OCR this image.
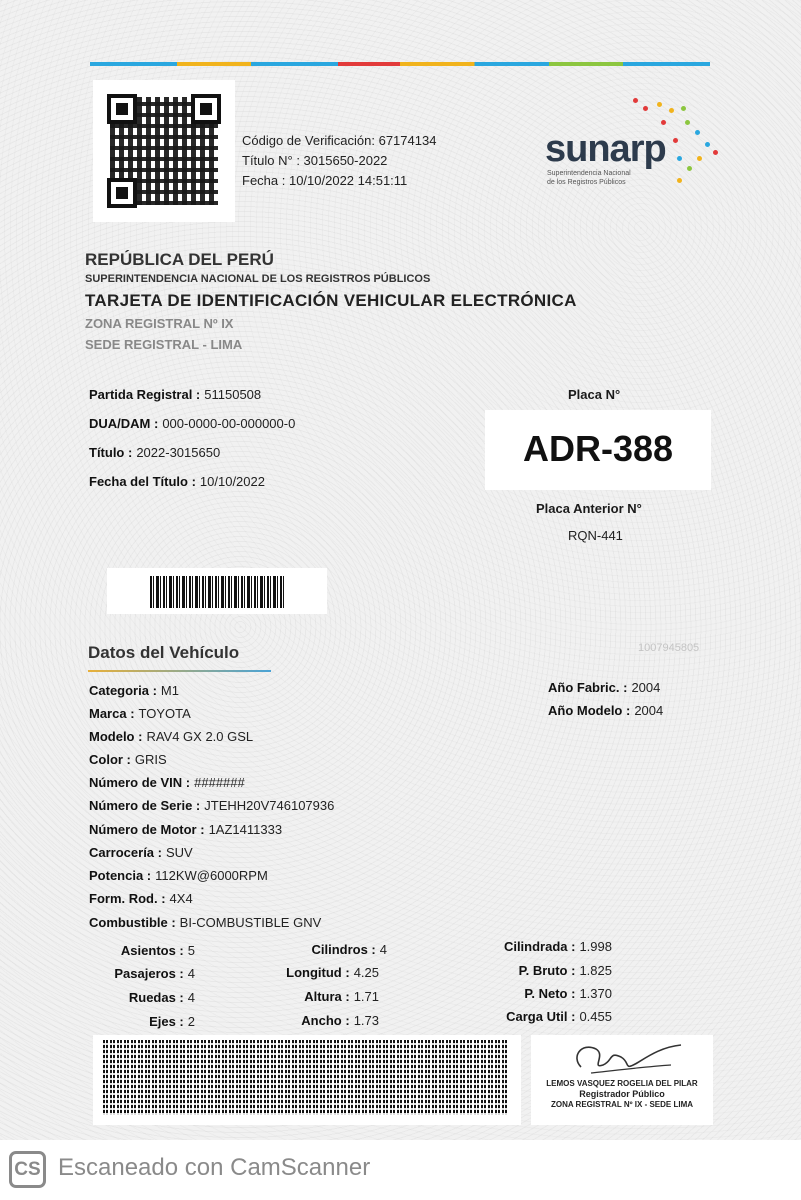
Código de Verificación: 67174134
Título N° : 3015650-2022
Fecha : 10/10/2022 14:51:11
sunarp
Superintendencia Nacional
de los Registros Públicos
REPÚBLICA DEL PERÚ
SUPERINTENDENCIA NACIONAL DE LOS REGISTROS PÚBLICOS
TARJETA DE IDENTIFICACIÓN VEHICULAR ELECTRÓNICA
ZONA REGISTRAL Nº IX
SEDE REGISTRAL - LIMA
Partida Registral : 51150508
DUA/DAM : 000-0000-00-000000-0
Título : 2022-3015650
Fecha del Título : 10/10/2022
Placa N°
ADR-388
Placa Anterior N°
RQN-441
Datos del Vehículo	1007945805
Categoria : M1
Marca : TOYOTA
Modelo : RAV4 GX 2.0 GSL
Color : GRIS
Número de VIN : #######
Número de Serie : JTEHH20V746107936
Número de Motor : 1AZ1411333
Carrocería : SUV
Potencia : 112KW@6000RPM
Form. Rod. : 4X4
Combustible : BI-COMBUSTIBLE GNV
Año Fabric. : 2004
Año Modelo : 2004
Asientos : 5
Pasajeros : 4
Ruedas : 4
Ejes : 2
Cilindros : 4
Longitud : 4.25
Altura : 1.71
Ancho : 1.73
Cilindrada : 1.998
P. Bruto : 1.825
P. Neto : 1.370
Carga Util : 0.455
LEMOS VASQUEZ ROGELIA DEL PILAR
Registrador Público
ZONA REGISTRAL Nº IX - SEDE LIMA
CS Escaneado con CamScanner
